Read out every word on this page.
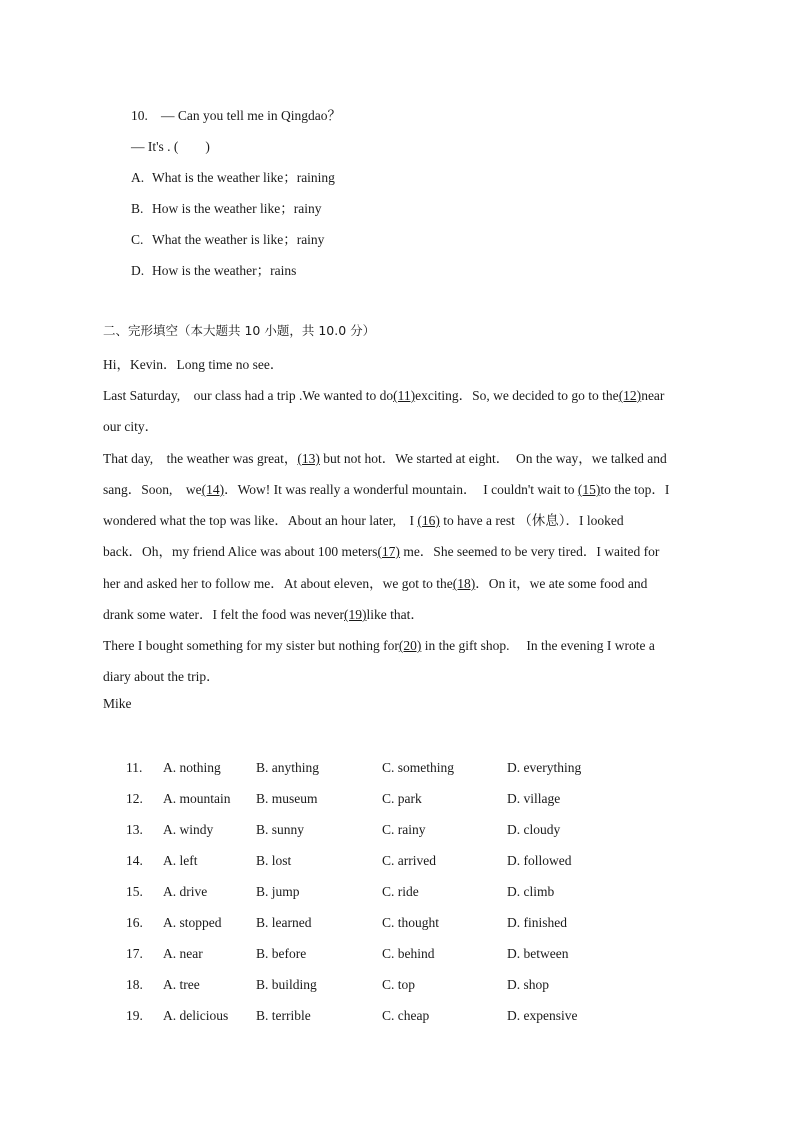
10. — Can you tell me in Qingdao？
— It's . (　　)
A. What is the weather like；raining
B. How is the weather like；rainy
C. What the weather is like；rainy
D. How is the weather；rains
二、完形填空（本大题共 10 小题，共 10.0 分）
Hi，Kevin．Long time no see．
Last Saturday,　our class had a trip .We wanted to do(11)exciting．So, we decided to go to the(12)near
our city．
That day,　the weather was great，(13) but not hot．We started at eight．　On the way，we talked and
sang．Soon,　we(14)．Wow! It was really a wonderful mountain．　I couldn't wait to (15)to the top．I
wondered what the top was like．About an hour later,　I (16) to have a rest （休息）．I looked
back．Oh，my friend Alice was about 100 meters(17) me．She seemed to be very tired．I waited for
her and asked her to follow me．At about eleven，we got to the(18)．On it，we ate some food and
drank some water．I felt the food was never(19)like that．
There I bought something for my sister but nothing for(20) in the gift shop.　 In the evening I wrote a
diary about the trip．
Mike
11. A. nothing	B. anything	C. something	D. everything
12. A. mountain B. museum	C. park	D. village
13. A. windy	B. sunny	C. rainy	D. cloudy
14. A. left	B. lost	C. arrived	D. followed
15. A. drive	B. jump	C. ride	D. climb
16. A. stopped	B. learned	C. thought	D. finished
17. A. near	B. before	C. behind	D. between
18. A. tree	B. building	C. top	D. shop
19. A. delicious B. terrible	C. cheap	D. expensive
